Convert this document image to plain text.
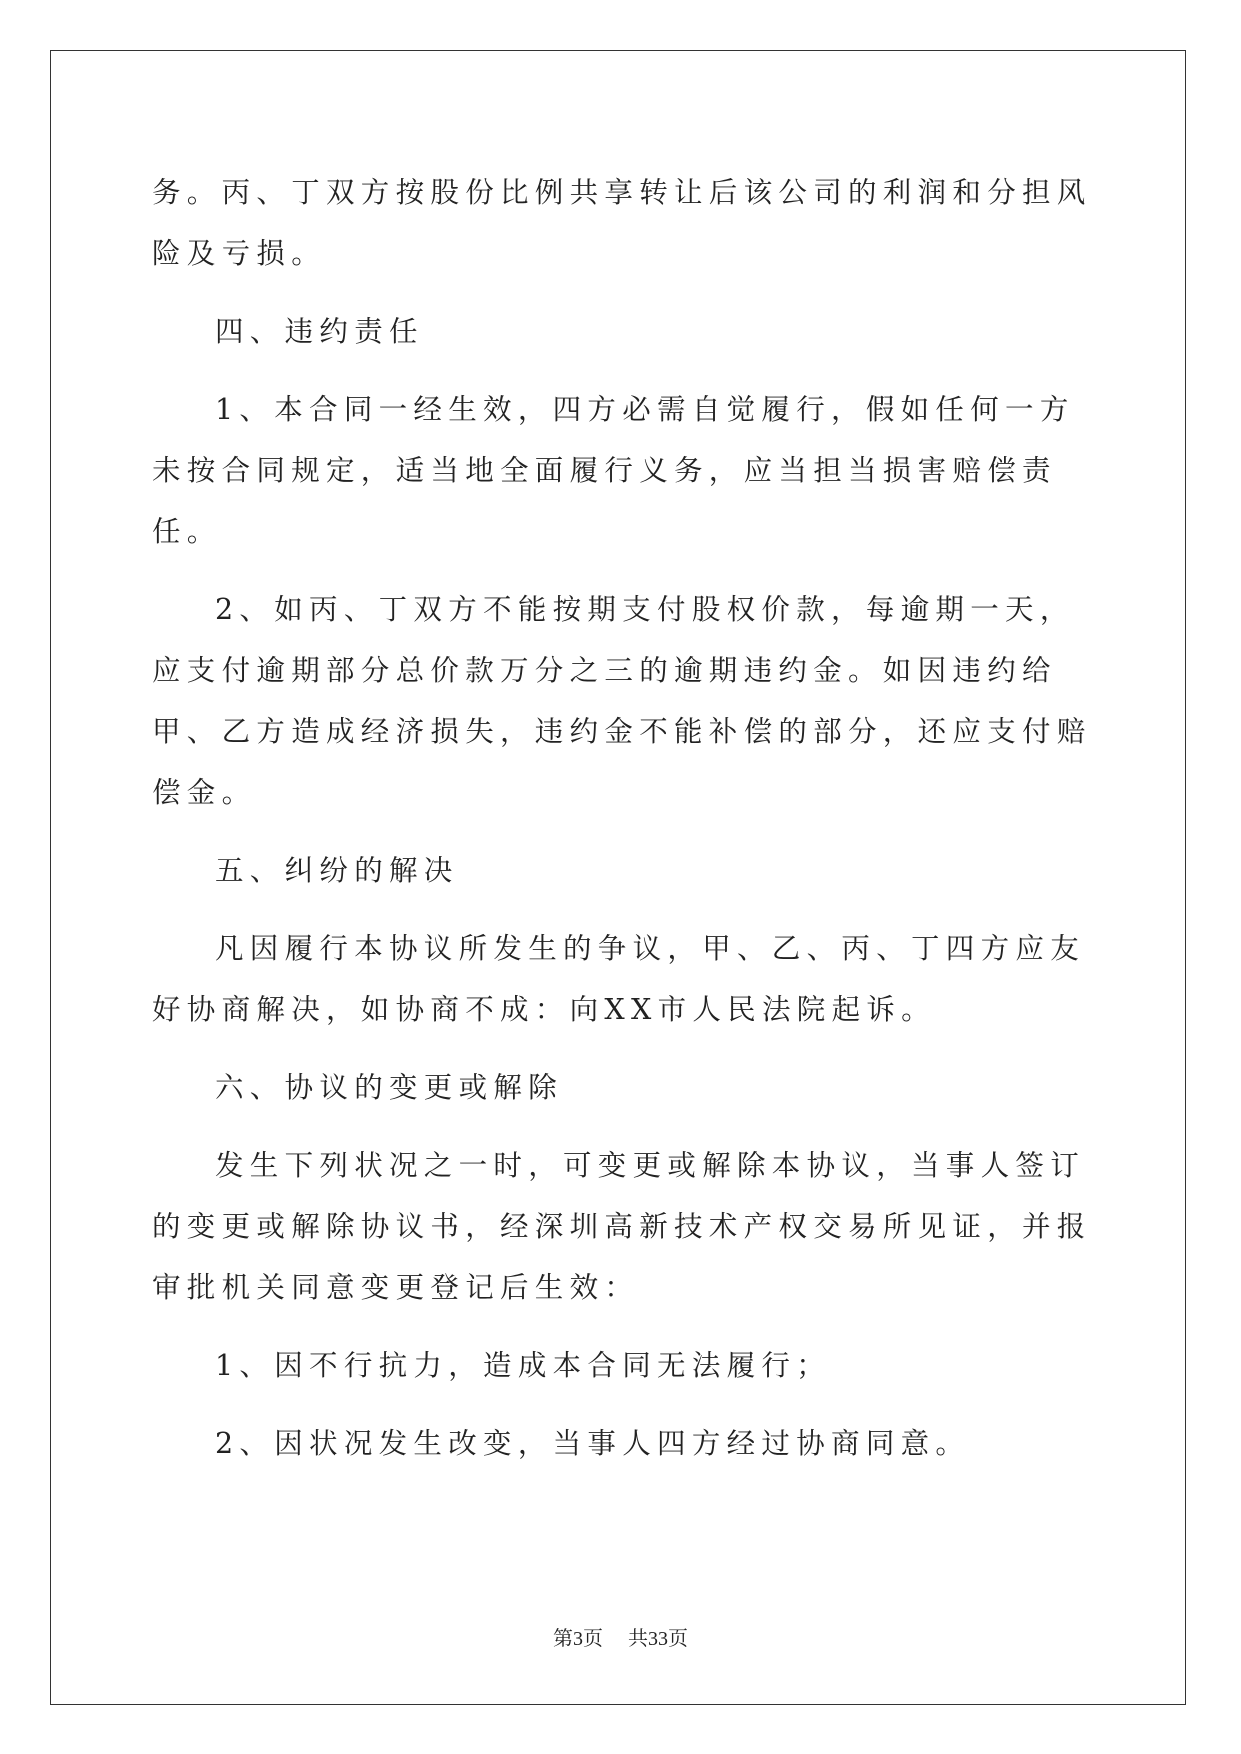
务。丙、丁双方按股份比例共享转让后该公司的利润和分担风险及亏损。

四、违约责任

1、本合同一经生效，四方必需自觉履行，假如任何一方未按合同规定，适当地全面履行义务，应当担当损害赔偿责任。

2、如丙、丁双方不能按期支付股权价款，每逾期一天，应支付逾期部分总价款万分之三的逾期违约金。如因违约给甲、乙方造成经济损失，违约金不能补偿的部分，还应支付赔偿金。

五、纠纷的解决

凡因履行本协议所发生的争议，甲、乙、丙、丁四方应友好协商解决，如协商不成：向XX市人民法院起诉。

六、协议的变更或解除

发生下列状况之一时，可变更或解除本协议，当事人签订的变更或解除协议书，经深圳高新技术产权交易所见证，并报审批机关同意变更登记后生效：

1、因不行抗力，造成本合同无法履行；

2、因状况发生改变，当事人四方经过协商同意。

第3页 共33页
